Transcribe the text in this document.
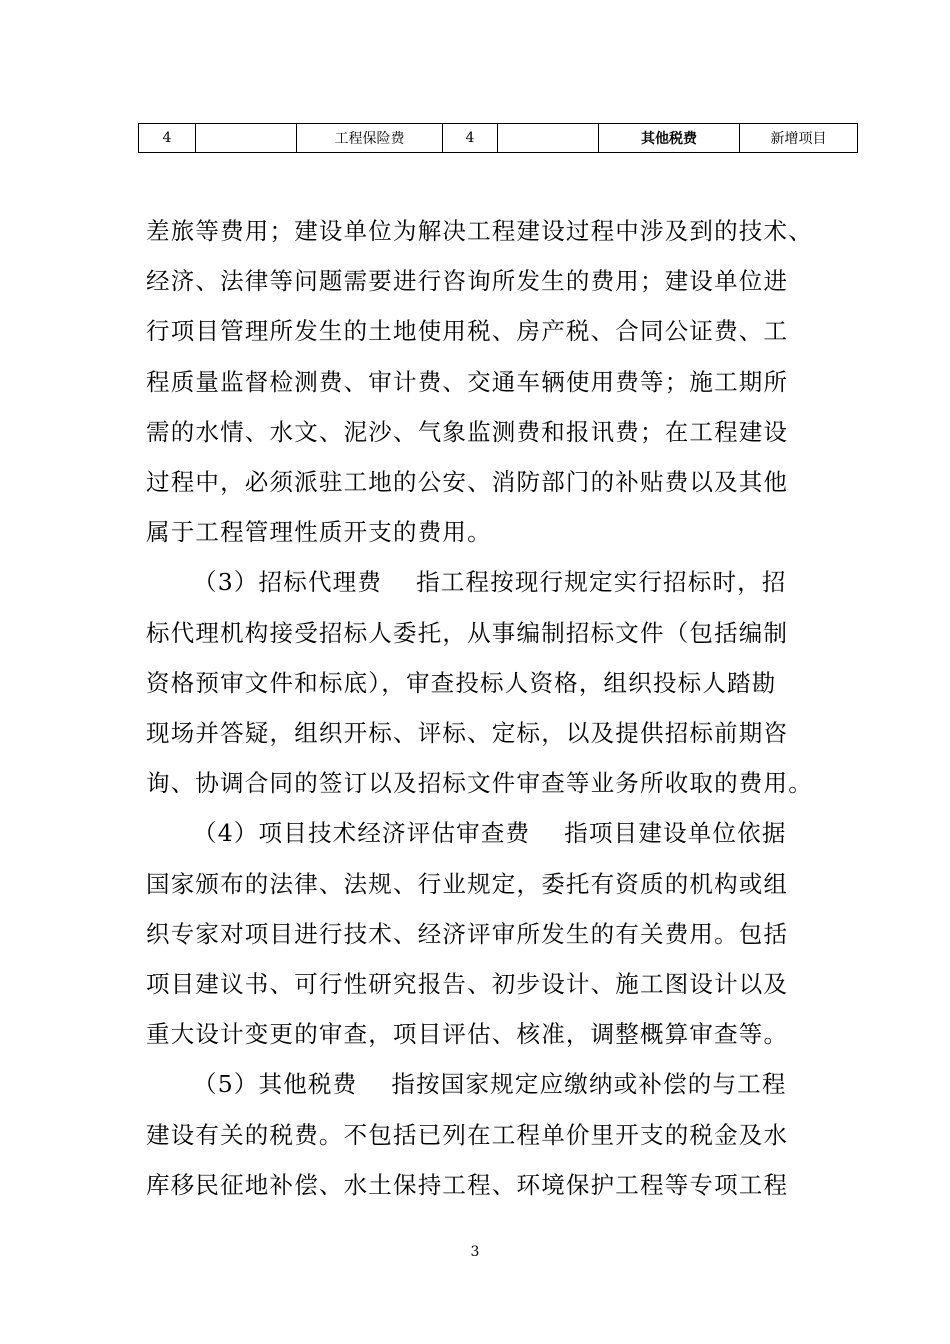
4		工程保险费	4		其他税费	新增项目
差旅等费用；建设单位为解决工程建设过程中涉及到的技术、
经济、法律等问题需要进行咨询所发生的费用；建设单位进
行项目管理所发生的土地使用税、房产税、合同公证费、工
程质量监督检测费、审计费、交通车辆使用费等；施工期所
需的水情、水文、泥沙、气象监测费和报讯费；在工程建设
过程中，必须派驻工地的公安、消防部门的补贴费以及其他
属于工程管理性质开支的费用。
（3）招标代理费 指工程按现行规定实行招标时，招
标代理机构接受招标人委托，从事编制招标文件（包括编制
资格预审文件和标底），审查投标人资格，组织投标人踏勘
现场并答疑，组织开标、评标、定标，以及提供招标前期咨
询、协调合同的签订以及招标文件审查等业务所收取的费用。
（4）项目技术经济评估审查费 指项目建设单位依据
国家颁布的法律、法规、行业规定，委托有资质的机构或组
织专家对项目进行技术、经济评审所发生的有关费用。包括
项目建议书、可行性研究报告、初步设计、施工图设计以及
重大设计变更的审查，项目评估、核准，调整概算审查等。
（5）其他税费 指按国家规定应缴纳或补偿的与工程
建设有关的税费。不包括已列在工程单价里开支的税金及水
库移民征地补偿、水土保持工程、环境保护工程等专项工程
3
